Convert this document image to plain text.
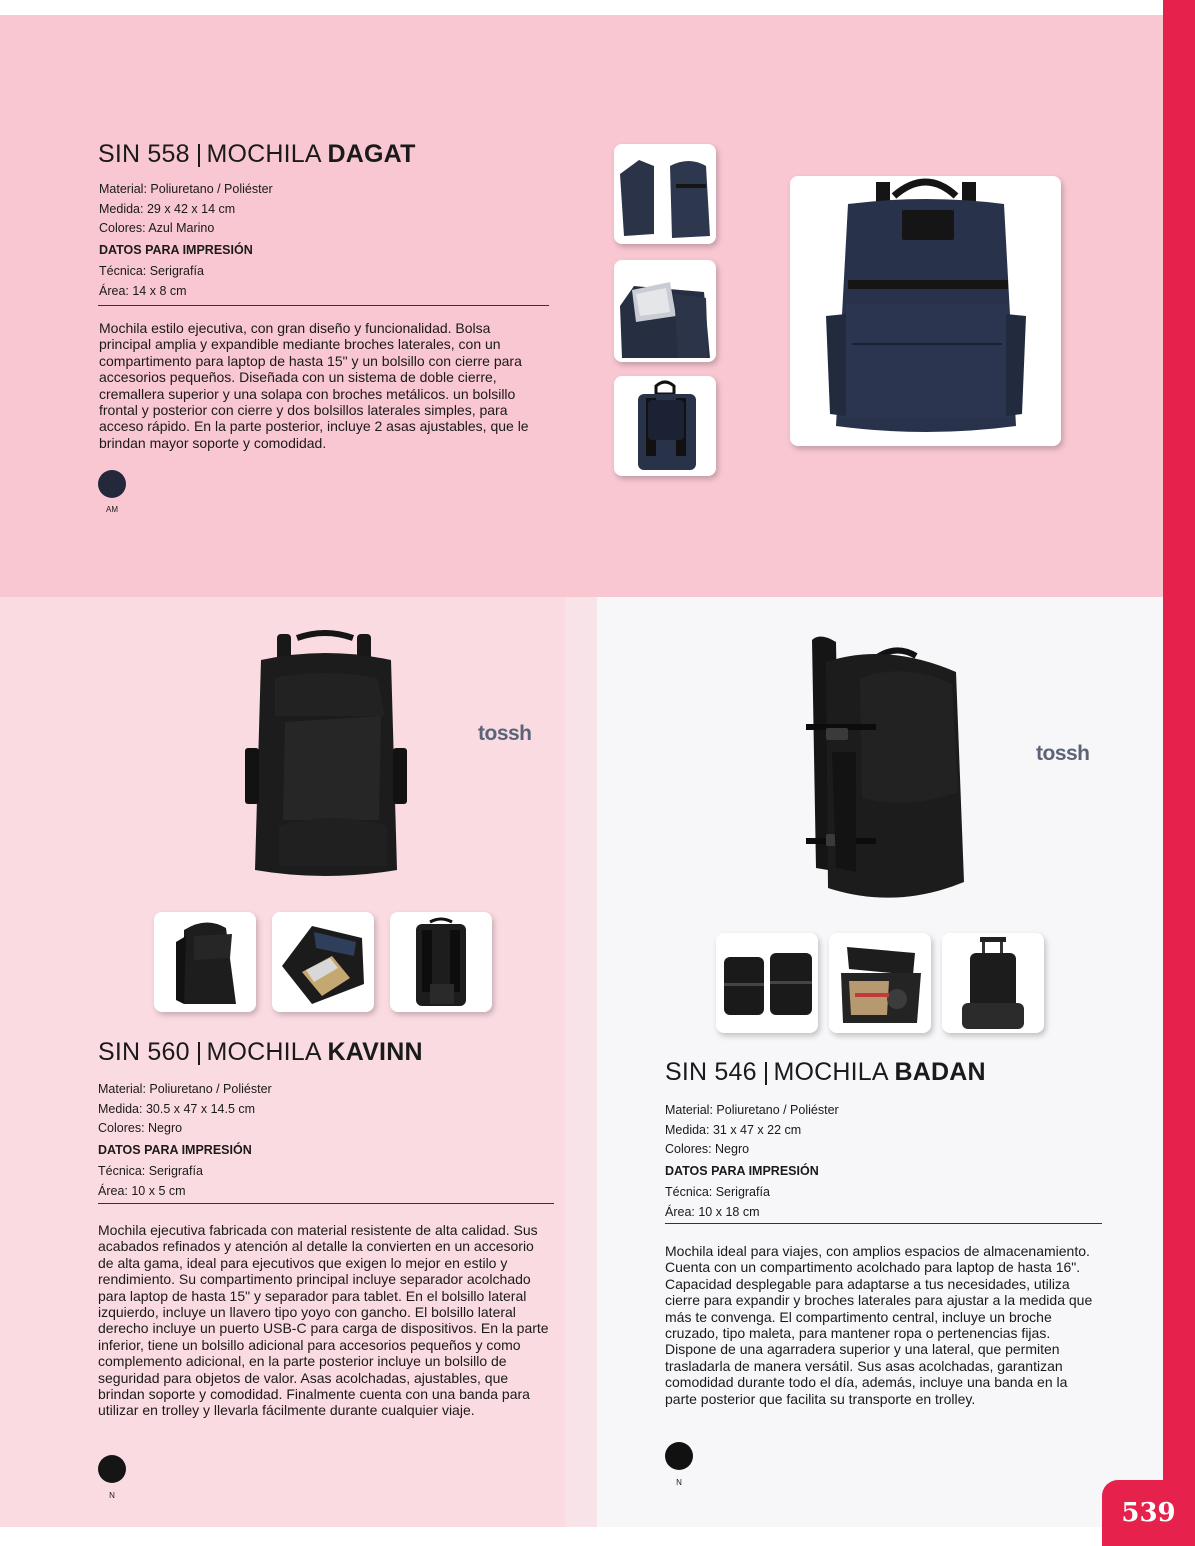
539
SIN 558 | MOCHILA DAGAT
Material: Poliuretano / Poliéster
Medida: 29 x 42 x 14 cm
Colores: Azul Marino
DATOS PARA IMPRESIÓN
Técnica: Serigrafía
Área: 14 x 8 cm
Mochila estilo ejecutiva, con gran diseño y funcionalidad. Bolsa principal amplia y expandible mediante broches laterales, con un compartimento para laptop de hasta 15" y un bolsillo con cierre para accesorios pequeños. Diseñada con un sistema de doble cierre, cremallera superior y una solapa con broches metálicos. un bolsillo frontal y posterior con cierre y dos bolsillos laterales simples, para acceso rápido. En la parte posterior, incluye 2 asas ajustables, que le brindan mayor soporte y comodidad.
AM
tossh
SIN 560 | MOCHILA KAVINN
Material: Poliuretano / Poliéster
Medida: 30.5 x 47 x 14.5 cm
Colores: Negro
DATOS PARA IMPRESIÓN
Técnica: Serigrafía
Área: 10 x 5 cm
Mochila ejecutiva fabricada con material resistente de alta calidad. Sus acabados refinados y atención al detalle la convierten en un accesorio de alta gama, ideal para ejecutivos que exigen lo mejor en estilo y rendimiento. Su compartimento principal incluye separador acolchado para laptop de hasta 15" y separador para tablet. En el bolsillo lateral izquierdo, incluye un llavero tipo yoyo con gancho. El bolsillo lateral derecho incluye un puerto USB-C para carga de dispositivos. En la parte inferior, tiene un bolsillo adicional para accesorios pequeños y como complemento adicional, en la parte posterior incluye un bolsillo de seguridad para objetos de valor. Asas acolchadas, ajustables, que brindan soporte y comodidad. Finalmente cuenta con una banda para utilizar en trolley y llevarla fácilmente durante cualquier viaje.
N
tossh
SIN 546 | MOCHILA BADAN
Material: Poliuretano / Poliéster
Medida: 31 x 47 x 22 cm
Colores: Negro
DATOS PARA IMPRESIÓN
Técnica: Serigrafía
Área: 10 x 18 cm
Mochila ideal para viajes, con amplios espacios de almacenamiento. Cuenta con un compartimento acolchado para laptop de hasta 16". Capacidad desplegable para adaptarse a tus necesidades, utiliza cierre para expandir y broches laterales para ajustar a la medida que más te convenga. El compartimento central, incluye un broche cruzado, tipo maleta, para mantener ropa o pertenencias fijas. Dispone de una agarradera superior y una lateral, que permiten trasladarla de manera versátil. Sus asas acolchadas, garantizan comodidad durante todo el día, además, incluye una banda en la parte posterior que facilita su transporte en trolley.
N
